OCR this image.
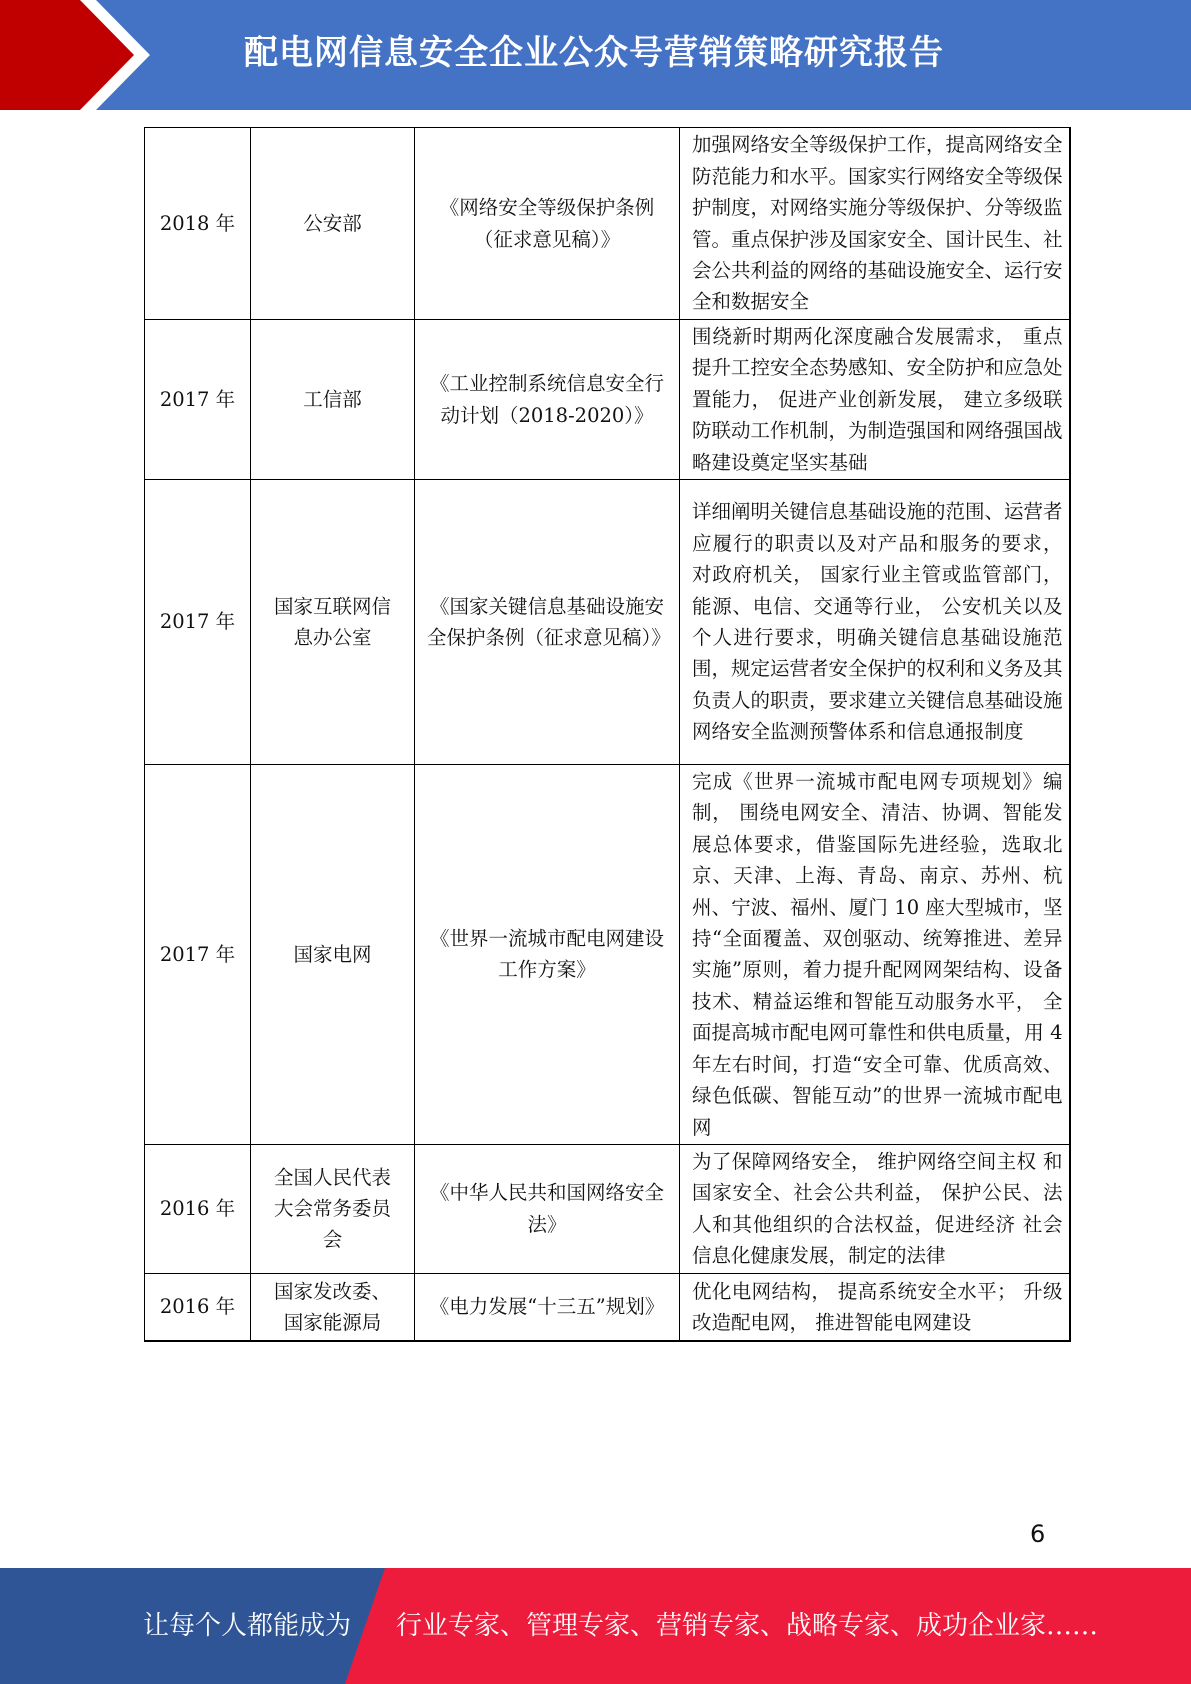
配电网信息安全企业公众号营销策略研究报告
2018 年	公安部	《网络安全等级保护条例（征求意见稿）》	加强网络安全等级保护工作，提高网络安全防范能力和水平。国家实行网络安全等级保护制度，对网络实施分等级保护、分等级监管。重点保护涉及国家安全、国计民生、社会公共利益的网络的基础设施安全、运行安全和数据安全
2017 年	工信部	《工业控制系统信息安全行动计划（2018-2020）》	围绕新时期两化深度融合发展需求， 重点提升工控安全态势感知、安全防护和应急处置能力， 促进产业创新发展， 建立多级联防联动工作机制，为制造强国和网络强国战略建设奠定坚实基础
2017 年	国家互联网信息办公室	《国家关键信息基础设施安全保护条例（征求意见稿）》	详细阐明关键信息基础设施的范围、运营者应履行的职责以及对产品和服务的要求， 对政府机关， 国家行业主管或监管部门，能源、电信、交通等行业， 公安机关以及个人进行要求，明确关键信息基础设施范围，规定运营者安全保护的权利和义务及其负责人的职责，要求建立关键信息基础设施网络安全监测预警体系和信息通报制度
2017 年	国家电网	《世界一流城市配电网建设工作方案》	完成《世界一流城市配电网专项规划》编制， 围绕电网安全、清洁、协调、智能发展总体要求，借鉴国际先进经验，选取北京、天津、上海、青岛、南京、苏州、杭州、宁波、福州、厦门 10 座大型城市，坚持“全面覆盖、双创驱动、统筹推进、差异实施”原则，着力提升配网网架结构、设备技术、精益运维和智能互动服务水平， 全面提高城市配电网可靠性和供电质量，用 4 年左右时间，打造“安全可靠、优质高效、绿色低碳、智能互动”的世界一流城市配电网
2016 年	全国人民代表大会常务委员会	《中华人民共和国网络安全法》	为了保障网络安全， 维护网络空间主权 和国家安全、社会公共利益， 保护公民、法人和其他组织的合法权益，促进经济 社会信息化健康发展，制定的法律
2016 年	国家发改委、国家能源局	《电力发展“十三五”规划》	优化电网结构， 提高系统安全水平； 升级改造配电网， 推进智能电网建设
6
让每个人都能成为 行业专家、管理专家、营销专家、战略专家、成功企业家……
